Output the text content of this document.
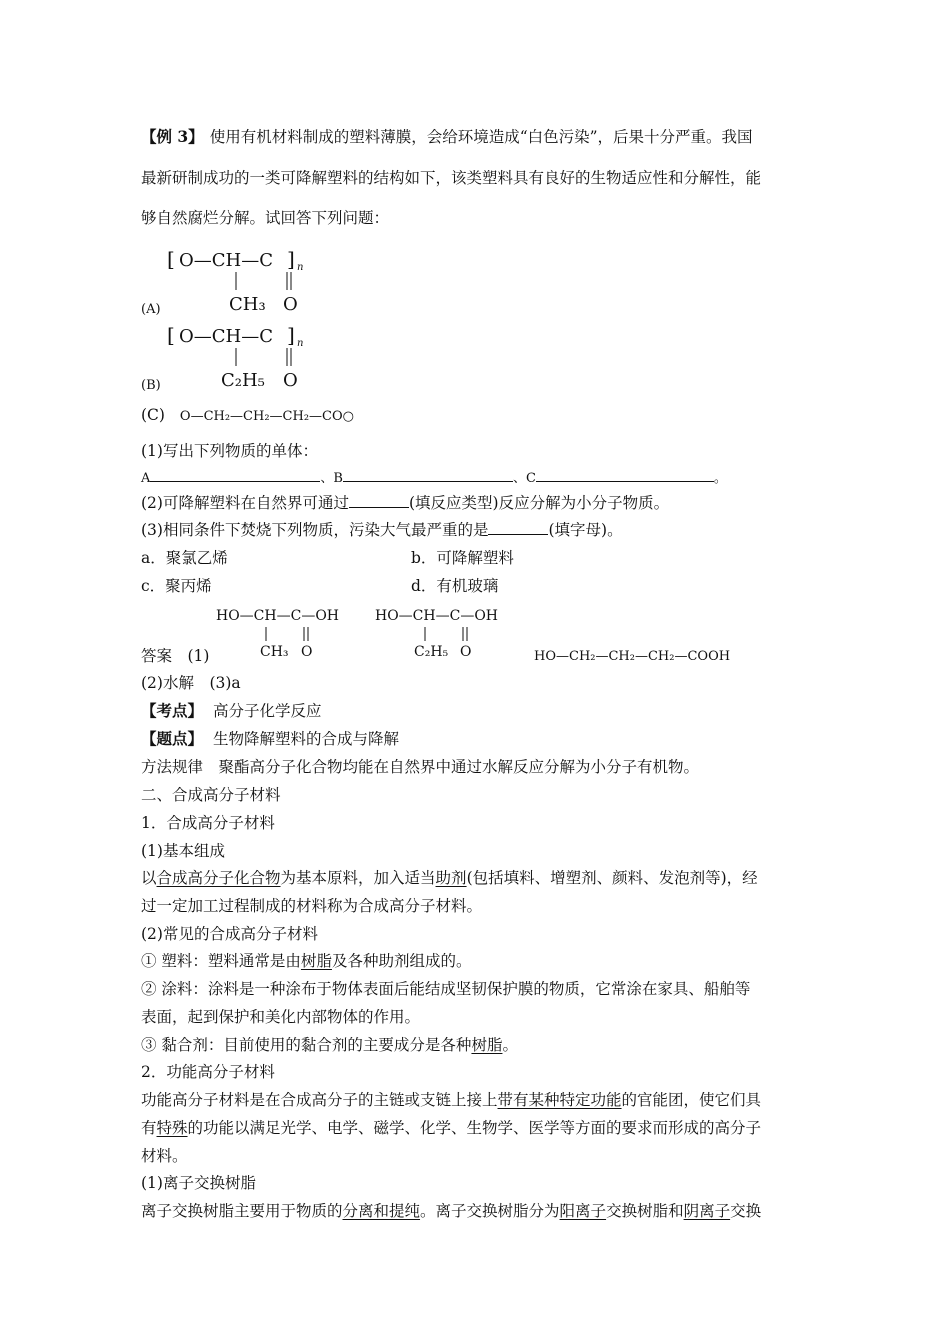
【例 3】 使用有机材料制成的塑料薄膜，会给环境造成“白色污染”，后果十分严重。我国
最新研制成功的一类可降解塑料的结构如下，该类塑料具有良好的生物适应性和分解性，能
够自然腐烂分解。试回答下列问题：
[ O—CH—C ] n
CH₃ O
(A)
[ O—CH—C ] n
C₂H₅ O
(B)
(C) O—CH₂—CH₂—CH₂—CO○
(1)写出下列物质的单体：
A	、B	、C	。
(2)可降解塑料在自然界可通过	(填反应类型)反应分解为小分子物质。
(3)相同条件下焚烧下列物质，污染大气最严重的是	(填字母)。
a．聚氯乙烯	b．可降解塑料
c．聚丙烯	d．有机玻璃
HO—CH—C—OH
CH₃ O
HO—CH—C—OH
C₂H₅ O	HO—CH₂—CH₂—CH₂—COOH
答案　(1)
(2)水解　(3)a
【考点】 高分子化学反应
【题点】 生物降解塑料的合成与降解
方法规律　聚酯高分子化合物均能在自然界中通过水解反应分解为小分子有机物。
二、合成高分子材料
1．合成高分子材料
(1)基本组成
以合成高分子化合物为基本原料，加入适当助剂(包括填料、增塑剂、颜料、发泡剂等)，经
过一定加工过程制成的材料称为合成高分子材料。
(2)常见的合成高分子材料
① 塑料：塑料通常是由树脂及各种助剂组成的。
② 涂料：涂料是一种涂布于物体表面后能结成坚韧保护膜的物质，它常涂在家具、船舶等
表面，起到保护和美化内部物体的作用。
③ 黏合剂：目前使用的黏合剂的主要成分是各种树脂。
2．功能高分子材料
功能高分子材料是在合成高分子的主链或支链上接上带有某种特定功能的官能团，使它们具
有特殊的功能以满足光学、电学、磁学、化学、生物学、医学等方面的要求而形成的高分子
材料。
(1)离子交换树脂
离子交换树脂主要用于物质的分离和提纯。离子交换树脂分为阳离子交换树脂和阴离子交换
